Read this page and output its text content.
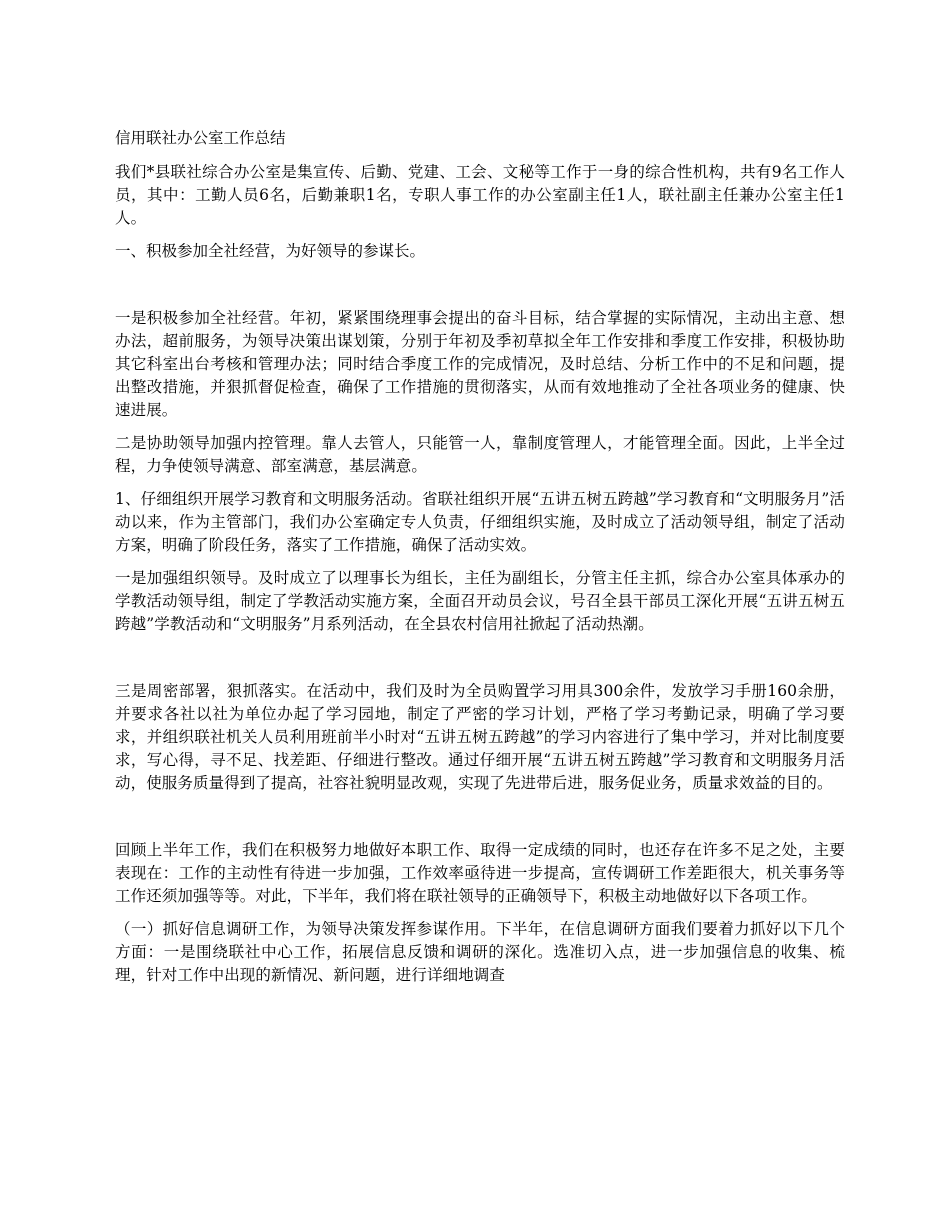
信用联社办公室工作总结

我们*县联社综合办公室是集宣传、后勤、党建、工会、文秘等工作于一身的综合性机构，共有9名工作人员，其中：工勤人员6名，后勤兼职1名，专职人事工作的办公室副主任1人，联社副主任兼办公室主任1人。

一、积极参加全社经营，为好领导的参谋长。

一是积极参加全社经营。年初，紧紧围绕理事会提出的奋斗目标，结合掌握的实际情况，主动出主意、想办法，超前服务，为领导决策出谋划策，分别于年初及季初草拟全年工作安排和季度工作安排，积极协助其它科室出台考核和管理办法；同时结合季度工作的完成情况，及时总结、分析工作中的不足和问题，提出整改措施，并狠抓督促检查，确保了工作措施的贯彻落实，从而有效地推动了全社各项业务的健康、快速进展。

二是协助领导加强内控管理。靠人去管人，只能管一人，靠制度管理人，才能管理全面。因此，上半全过程，力争使领导满意、部室满意，基层满意。

1、仔细组织开展学习教育和文明服务活动。省联社组织开展“五讲五树五跨越”学习教育和“文明服务月”活动以来，作为主管部门，我们办公室确定专人负责，仔细组织实施，及时成立了活动领导组，制定了活动方案，明确了阶段任务，落实了工作措施，确保了活动实效。

一是加强组织领导。及时成立了以理事长为组长，主任为副组长，分管主任主抓，综合办公室具体承办的学教活动领导组，制定了学教活动实施方案，全面召开动员会议，号召全县干部员工深化开展“五讲五树五跨越”学教活动和“文明服务”月系列活动，在全县农村信用社掀起了活动热潮。

三是周密部署，狠抓落实。在活动中，我们及时为全员购置学习用具300余件，发放学习手册160余册，并要求各社以社为单位办起了学习园地，制定了严密的学习计划，严格了学习考勤记录，明确了学习要求，并组织联社机关人员利用班前半小时对“五讲五树五跨越”的学习内容进行了集中学习，并对比制度要求，写心得，寻不足、找差距、仔细进行整改。通过仔细开展“五讲五树五跨越”学习教育和文明服务月活动，使服务质量得到了提高，社容社貌明显改观，实现了先进带后进，服务促业务，质量求效益的目的。

回顾上半年工作，我们在积极努力地做好本职工作、取得一定成绩的同时，也还存在许多不足之处，主要表现在：工作的主动性有待进一步加强，工作效率亟待进一步提高，宣传调研工作差距很大，机关事务等工作还须加强等等。对此，下半年，我们将在联社领导的正确领导下，积极主动地做好以下各项工作。

（一）抓好信息调研工作，为领导决策发挥参谋作用。下半年，在信息调研方面我们要着力抓好以下几个方面：一是围绕联社中心工作，拓展信息反馈和调研的深化。选准切入点，进一步加强信息的收集、梳理，针对工作中出现的新情况、新问题，进行详细地调查
